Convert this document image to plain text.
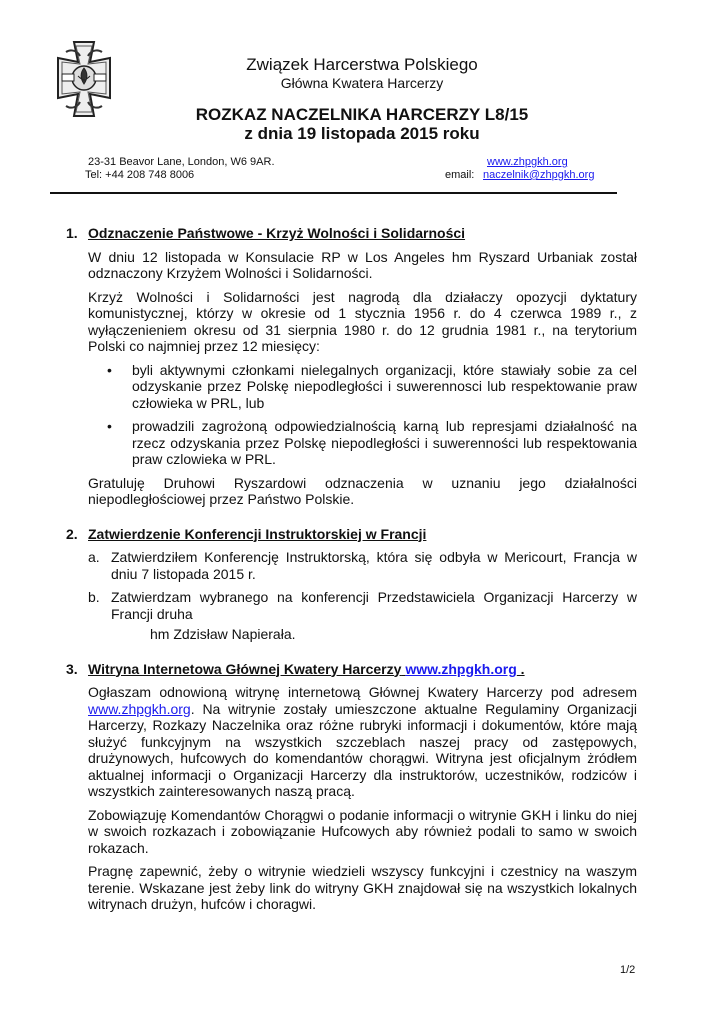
Związek Harcerstwa Polskiego
Główna Kwatera Harcerzy
ROZKAZ NACZELNIKA HARCERZY L8/15
z dnia 19 listopada 2015 roku
23-31 Beavor Lane, London, W6 9AR.
Tel: +44 208 748 8006
www.zhpgkh.org
email: naczelnik@zhpgkh.org
1. Odznaczenie Państwowe - Krzyż Wolności i Solidarności
W dniu 12 listopada w Konsulacie RP w Los Angeles hm Ryszard Urbaniak został odznaczony Krzyżem Wolności i Solidarności.
Krzyż Wolności i Solidarności jest nagrodą dla działaczy opozycji dyktatury komunistycznej, którzy w okresie od 1 stycznia 1956 r. do 4 czerwca 1989 r., z wyłączenieniem okresu od 31 sierpnia 1980 r. do 12 grudnia 1981 r., na terytorium Polski co najmniej przez 12 miesięcy:
•	byli aktywnymi członkami nielegalnych organizacji, które stawiały sobie za cel odzyskanie przez Polskę niepodległości i suwerennosci lub respektowanie praw człowieka w PRL, lub
•	prowadzili zagrożoną odpowiedzialnością karną lub represjami działalność na rzecz odzyskania przez Polskę niepodległości i suwerenności lub respektowania praw czlowieka w PRL.
Gratuluję Druhowi Ryszardowi odznaczenia w uznaniu jego działalności niepodległościowej przez Państwo Polskie.
2. Zatwierdzenie Konferencji Instruktorskiej w Francji
a. Zatwierdziłem Konferencję Instruktorską, która się odbyła w Mericourt, Francja w dniu 7 listopada 2015 r.
b. Zatwierdzam wybranego na konferencji Przedstawiciela Organizacji Harcerzy w Francji druha
hm Zdzisław Napierała.
3. Witryna Internetowa Głównej Kwatery Harcerzy www.zhpgkh.org .
Ogłaszam odnowioną witrynę internetową Głównej Kwatery Harcerzy pod adresem www.zhpgkh.org. Na witrynie zostały umieszczone aktualne Regulaminy Organizacji Harcerzy, Rozkazy Naczelnika oraz różne rubryki informacji i dokumentów, które mają służyć funkcyjnym na wszystkich szczeblach naszej pracy od zastępowych, drużynowych, hufcowych do komendantów chorągwi. Witryna jest oficjalnym żródłem aktualnej informacji o Organizacji Harcerzy dla instruktorów, uczestników, rodziców i wszystkich zainteresowanych naszą pracą.
Zobowiązuję Komendantów Chorągwi o podanie informacji o witrynie GKH i linku do niej w swoich rozkazach i zobowiązanie Hufcowych aby również podali to samo w swoich rokazach.
Pragnę zapewnić, żeby o witrynie wiedzieli wszyscy funkcyjni i czestnicy na waszym terenie. Wskazane jest żeby link do witryny GKH znajdował się na wszystkich lokalnych witrynach drużyn, hufców i choragwi.
1/2
